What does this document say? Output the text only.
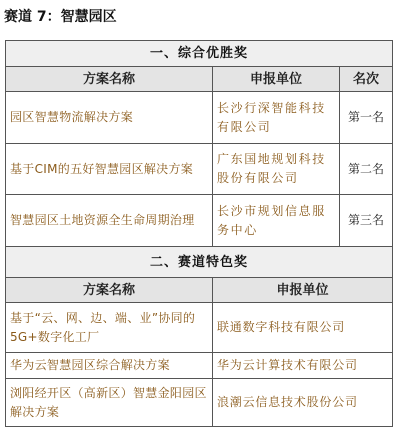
赛道 7：智慧园区
一、综合优胜奖		
方案名称	申报单位	名次
园区智慧物流解决方案	长沙行深智能科技有限公司	第一名
基于CIM的五好智慧园区解决方案	广东国地规划科技股份有限公司	第二名
智慧园区土地资源全生命周期治理	长沙市规划信息服务中心	第三名
二、赛道特色奖		
方案名称	申报单位	
基于“云、网、边、端、业”协同的 5G+数字化工厂	联通数字科技有限公司	
华为云智慧园区综合解决方案	华为云计算技术有限公司	
浏阳经开区（高新区）智慧金阳园区解决方案	浪潮云信息技术股份公司	
